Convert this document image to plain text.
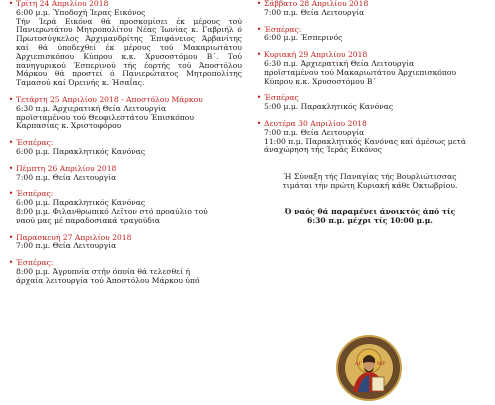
• Τρίτη 24 Απριλίου 2018
6:00 μ.μ. Ύποδοχή Ίερας Εικόνος
Τήν Ίερά Εικόνα θά προσκομίσει έκ μέρους τού Πανιερωτάτου Μητροπολίτου Νέας Ίωνίας κ. Γαβριήλ ό Πρωτοσύγκελος Άρχιμανδρίτης Έπιφάνειος Άρβανίτης καί θά ύποδεχθεί έκ μέρους τού Μακαριωτάτου Άρχιεπισκόπου Κύπρου κ.κ. Χρυσοστόμου Β΄. Τού πανηγυρικού Έσπερινού τής έορτής τού Άποστόλου Μάρκου θά προστεί ό Πανιερώτατος Μητροπολίτης Ταμασού καί Όρεινής κ. Ήσαΐας.
• Τετάρτη 25 Απριλίου 2018 - Αποστόλου Μάρκου
6:30 π.μ. Άρχιερατική Θεία Λειτουργία
προϊσταμένου τού Θεοφιλεστάτου Έπισκόπου
Καρπασίας κ. Χριστοφόρου
• Έσπέρας:
6:00 μ.μ. Παρακλητικός Κανόνας
• Πέμπτη 26 Απριλίου 2018
7:00 π.μ. Θεία Λειτουργία
• Έσπέρας:
6:00 μ.μ. Παρακλητικός Κανόνας
8:00 μ.μ. Φιλανθρωπικό Λεῖτον στό προαύλιο τού
ναού μας μέ παραδοσιακά τραγούδια
• Παρασκευή 27 Απριλίου 2018
7:00 π.μ. Θεία Λειτουργία
• Έσπέρας:
8:00 μ.μ. Άγρυπνία στήν όποία θά τελεσθεί ή
άρχαία λειτουργία τού Άποστόλου Μάρκου ύπό
• Σάββατο 28 Απριλίου 2018
7:00 π.μ. Θεία Λειτουργία
• Έσπέρας:
6:00 μ.μ. Έσπερινός
• Κυριακή 29 Απριλίου 2018
6:30 π.μ. Άρχιερατική Θεία Λειτουργία
προϊσταμένου τού Μακαριωτάτου Άρχιεπισκόπου
Κύπρου κ.κ. Χρυσοστόμου Β΄
• Έσπέρας
5:00 μ.μ. Παρακλητικός Κανόνας
• Δευτέρα 30 Απριλίου 2018
7:00 π.μ. Θεία Λειτουργία
11:00 π.μ. Παρακλητικός Κανόνας καί άμέσως μετά
άναχώρηση τής Ίεράς Εικόνος
Ή Σύναξη τής Παναγίας τής Βουρλιώτισσας
τιμάται τήν πρώτη Κυριακή κάθε Όκτωβρίου.
Ό ναός θά παραμένει άνοικτός άπό τίς
6:30 π.μ. μέχρι τίς 10:00 μ.μ.
ΑΓ	ΜΡ
